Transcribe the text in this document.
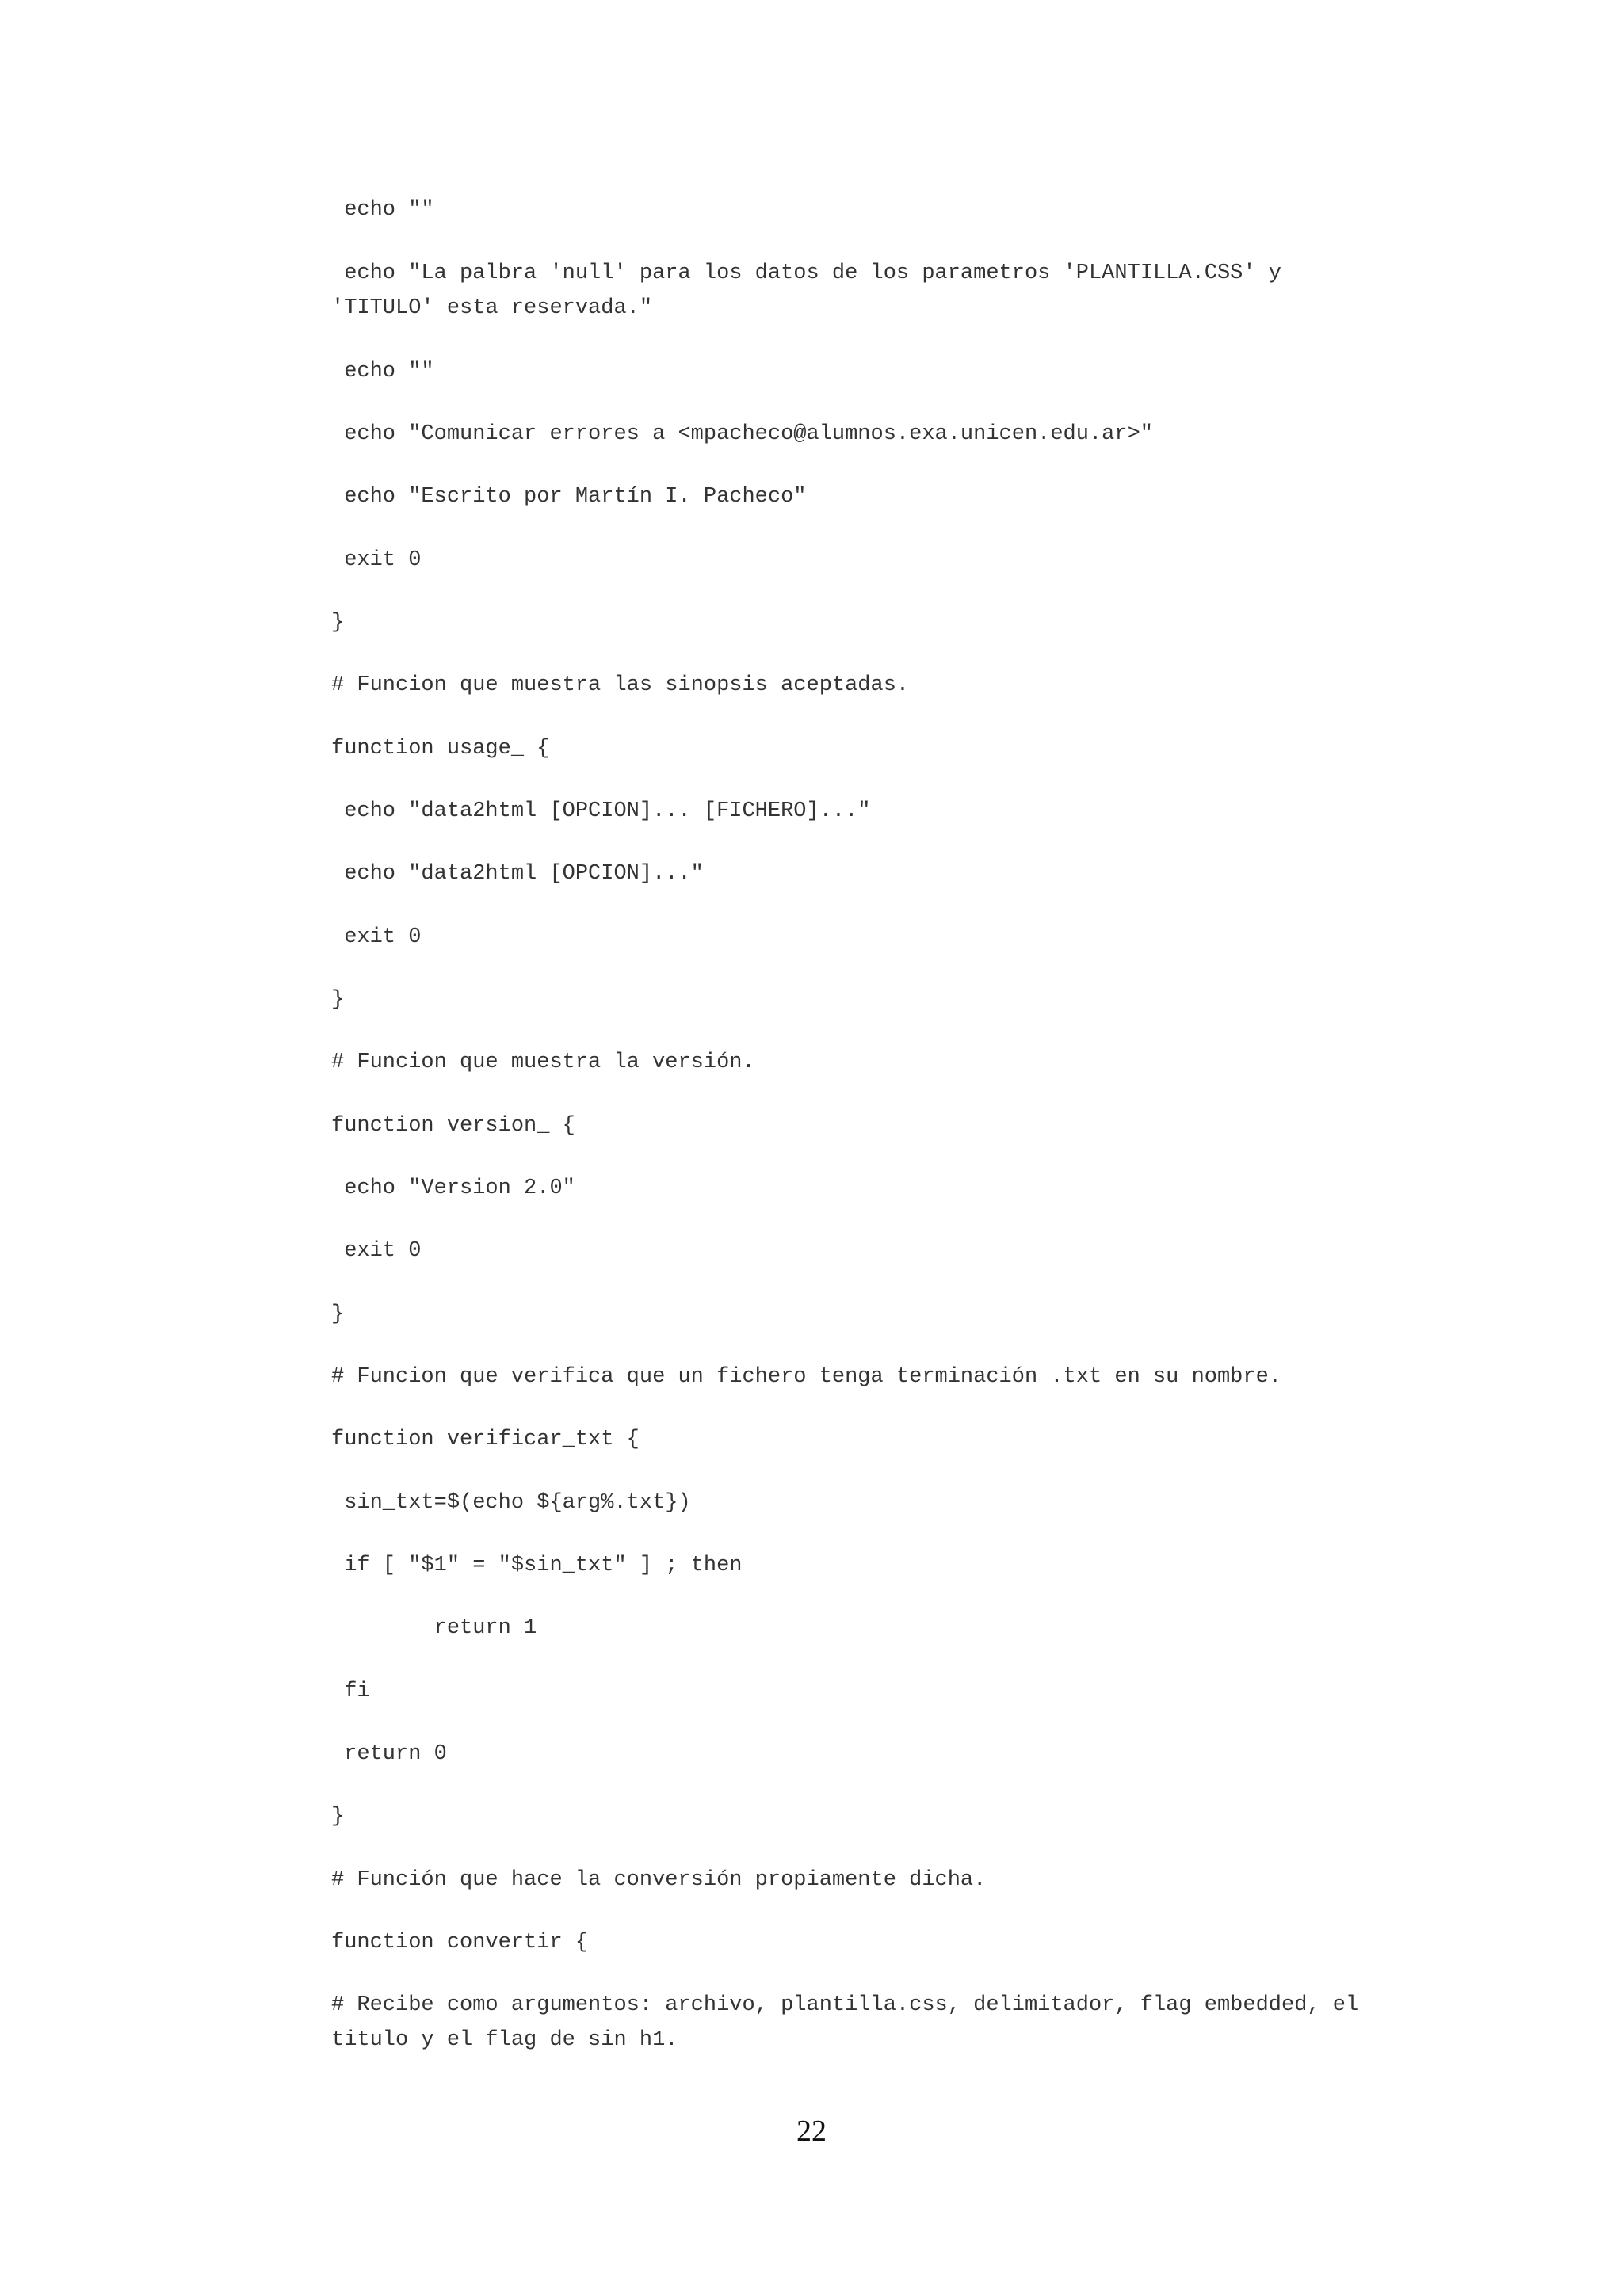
echo ""
echo "La palbra 'null' para los datos de los parametros 'PLANTILLA.CSS' y
'TITULO' esta reservada."
echo ""
echo "Comunicar errores a <mpacheco@alumnos.exa.unicen.edu.ar>"
echo "Escrito por Martín I. Pacheco"
exit 0
}
# Funcion que muestra las sinopsis aceptadas.
function usage_ {
echo "data2html [OPCION]... [FICHERO]..."
echo "data2html [OPCION]..."
exit 0
}
# Funcion que muestra la versión.
function version_ {
echo "Version 2.0"
exit 0
}
# Funcion que verifica que un fichero tenga terminación .txt en su nombre.
function verificar_txt {
sin_txt=$(echo ${arg%.txt})
if [ "$1" = "$sin_txt" ] ; then
return 1
fi
return 0
}
# Función que hace la conversión propiamente dicha.
function convertir {
# Recibe como argumentos: archivo, plantilla.css, delimitador, flag embedded, el
titulo y el flag de sin h1.
22
